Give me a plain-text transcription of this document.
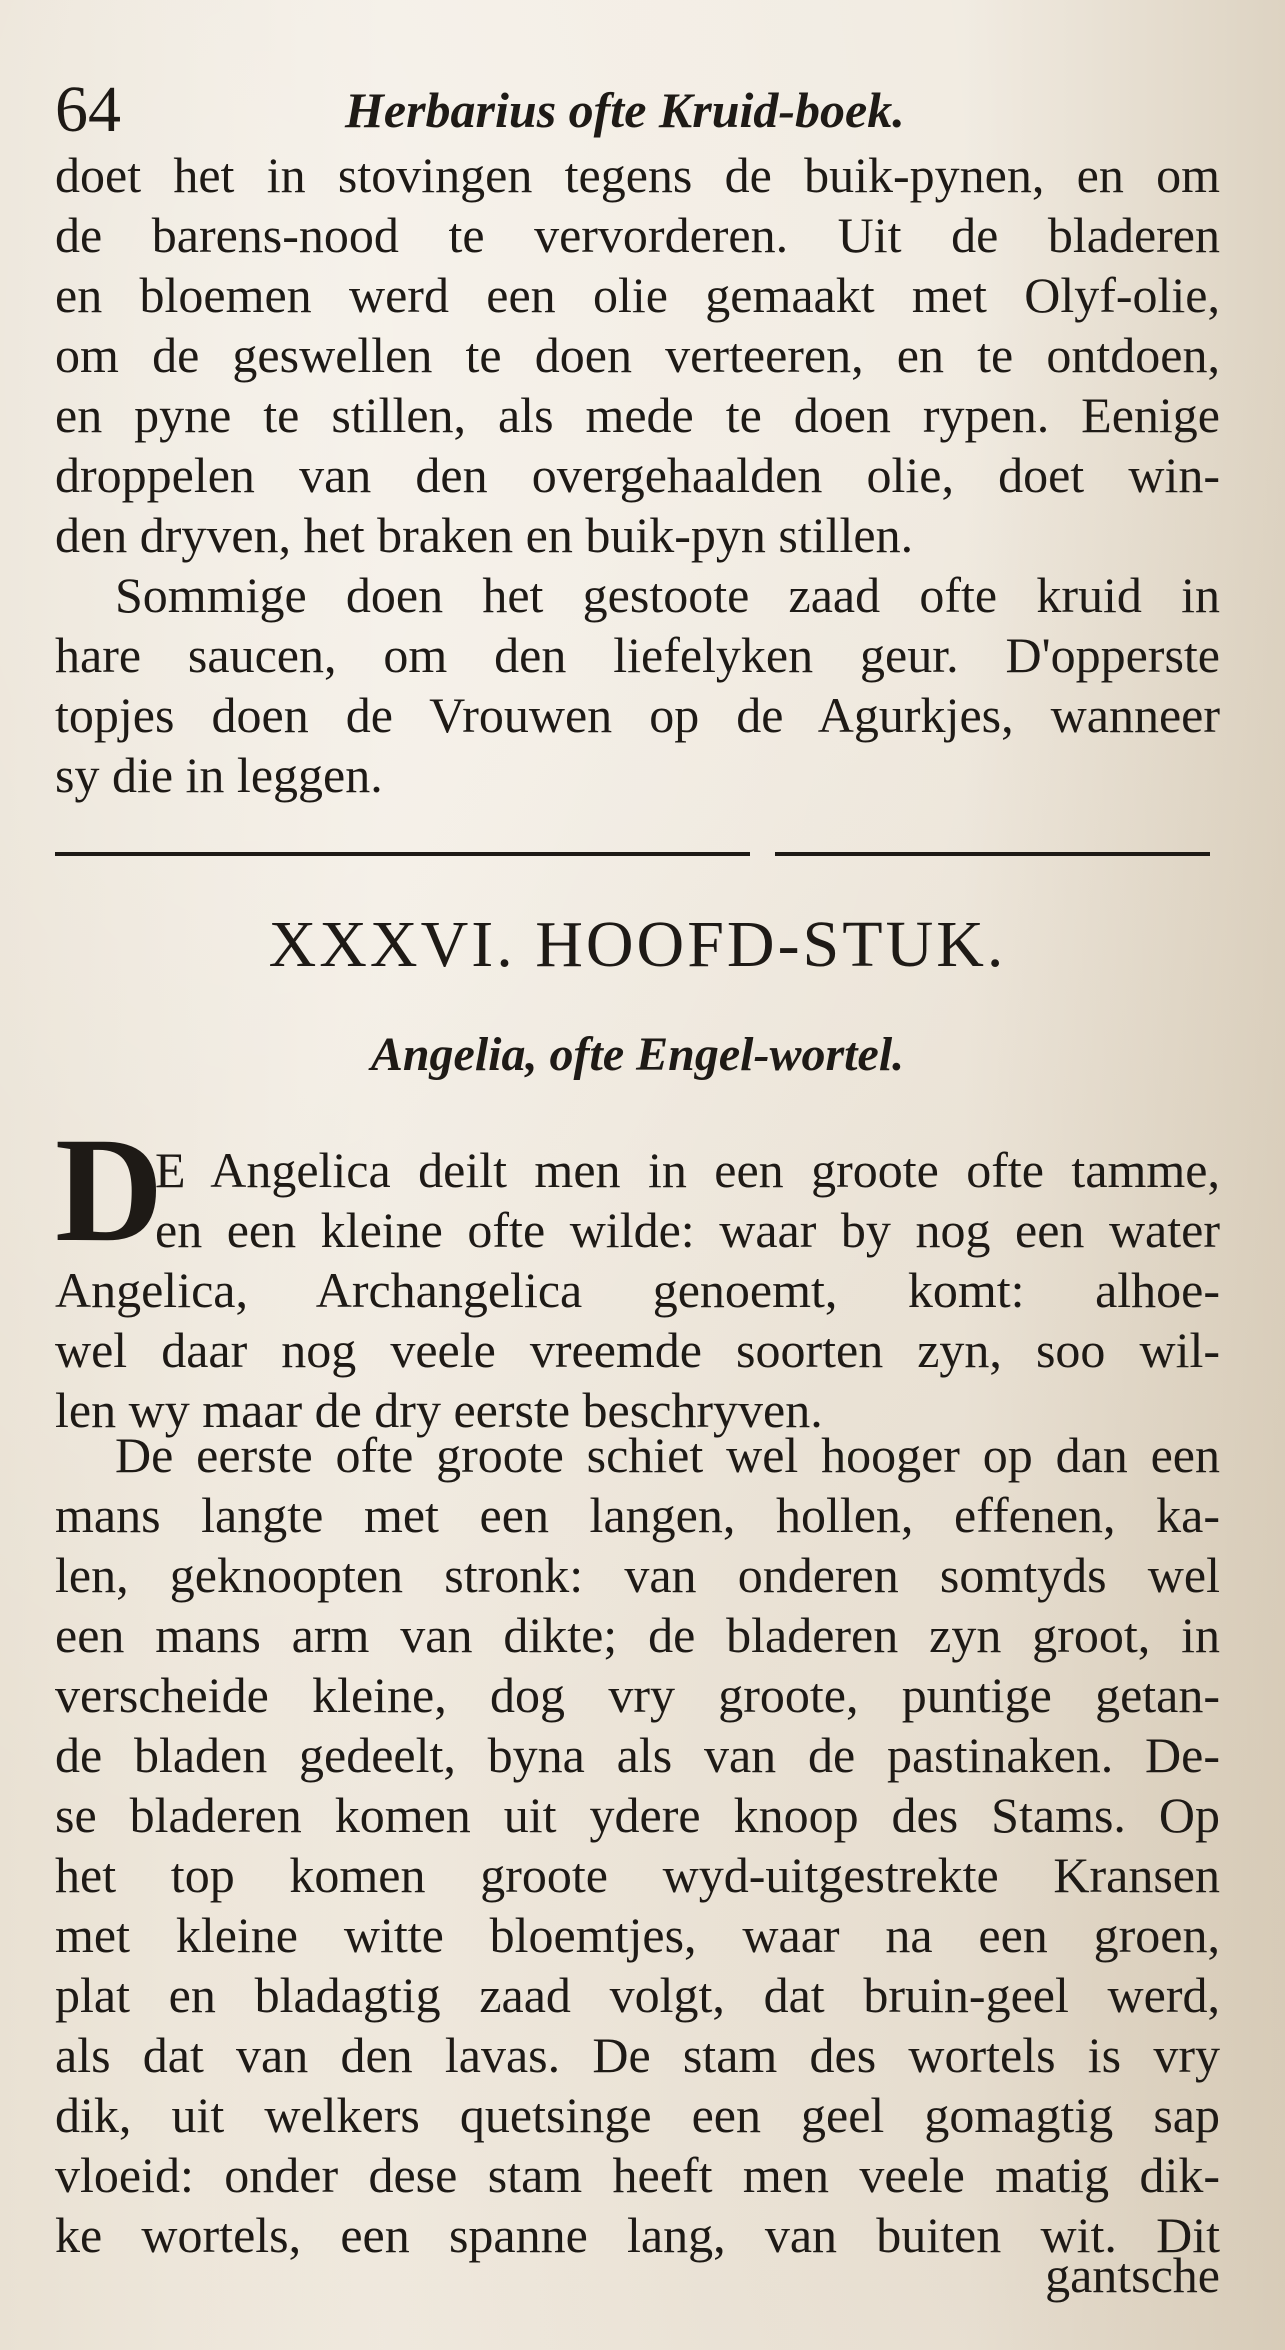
64	Herbarius ofte Kruid-boek.
doet het in stovingen tegens de buik-pynen, en om
de barens-nood te vervorderen. Uit de bladeren
en bloemen werd een olie gemaakt met Olyf-olie,
om de geswellen te doen verteeren, en te ontdoen,
en pyne te stillen, als mede te doen rypen. Eenige
droppelen van den overgehaalden olie, doet win-
den dryven, het braken en buik-pyn stillen.
Sommige doen het gestoote zaad ofte kruid in
hare saucen, om den liefelyken geur. D'opperste
topjes doen de Vrouwen op de Agurkjes, wanneer
sy die in leggen.
XXXVI. HOOFD-STUK.
Angelia, ofte Engel-wortel.
D
E Angelica deilt men in een groote ofte tamme,
en een kleine ofte wilde: waar by nog een water
Angelica, Archangelica genoemt, komt: alhoe-
wel daar nog veele vreemde soorten zyn, soo wil-
len wy maar de dry eerste beschryven.
De eerste ofte groote schiet wel hooger op dan een
mans langte met een langen, hollen, effenen, ka-
len, geknoopten stronk: van onderen somtyds wel
een mans arm van dikte; de bladeren zyn groot, in
verscheide kleine, dog vry groote, puntige getan-
de bladen gedeelt, byna als van de pastinaken. De-
se bladeren komen uit ydere knoop des Stams. Op
het top komen groote wyd-uitgestrekte Kransen
met kleine witte bloemtjes, waar na een groen,
plat en bladagtig zaad volgt, dat bruin-geel werd,
als dat van den lavas. De stam des wortels is vry
dik, uit welkers quetsinge een geel gomagtig sap
vloeid: onder dese stam heeft men veele matig dik-
ke wortels, een spanne lang, van buiten wit. Dit
gantsche
